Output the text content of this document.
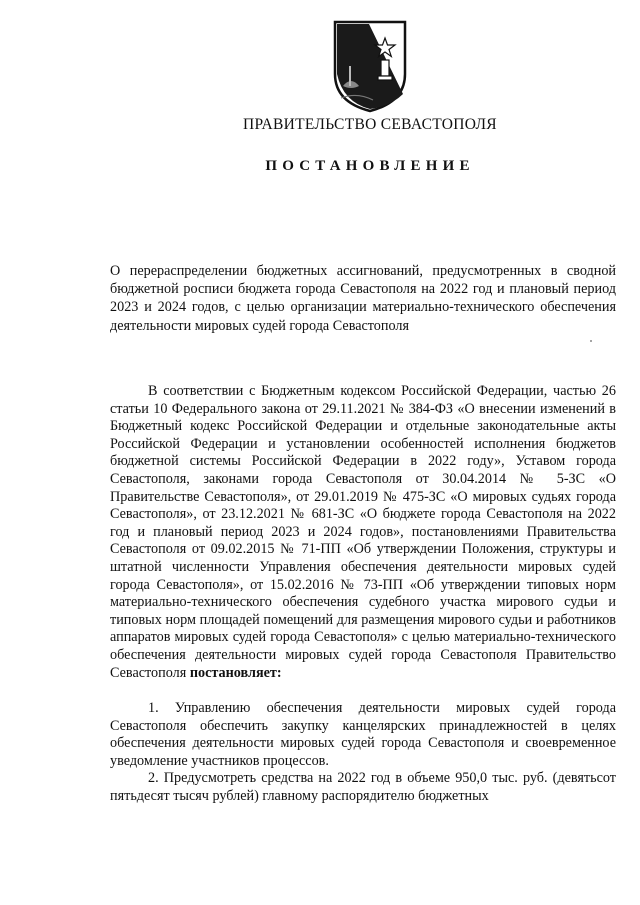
ПРАВИТЕЛЬСТВО СЕВАСТОПОЛЯ
ПОСТАНОВЛЕНИЕ
О перераспределении бюджетных ассигнований, предусмотренных в сводной бюджетной росписи бюджета города Севастополя на 2022 год и плановый период 2023 и 2024 годов, с целью организации материально-технического обеспечения деятельности мировых судей города Севастополя

В соответствии с Бюджетным кодексом Российской Федерации, частью 26 статьи 10 Федерального закона от 29.11.2021 № 384-ФЗ «О внесении изменений в Бюджетный кодекс Российской Федерации и отдельные законодательные акты Российской Федерации и установлении особенностей исполнения бюджетов бюджетной системы Российской Федерации в 2022 году», Уставом города Севастополя, законами города Севастополя от 30.04.2014 № 5-ЗС «О Правительстве Севастополя», от 29.01.2019 № 475-ЗС «О мировых судьях города Севастополя», от 23.12.2021 № 681-ЗС «О бюджете города Севастополя на 2022 год и плановый период 2023 и 2024 годов», постановлениями Правительства Севастополя от 09.02.2015 № 71-ПП «Об утверждении Положения, структуры и штатной численности Управления обеспечения деятельности мировых судей города Севастополя», от 15.02.2016 № 73-ПП «Об утверждении типовых норм материально-технического обеспечения судебного участка мирового судьи и типовых норм площадей помещений для размещения мирового судьи и работников аппаратов мировых судей города Севастополя» с целью материально-технического обеспечения деятельности мировых судей города Севастополя Правительство Севастополя постановляет:

1. Управлению обеспечения деятельности мировых судей города Севастополя обеспечить закупку канцелярских принадлежностей в целях обеспечения деятельности мировых судей города Севастополя и своевременное уведомление участников процессов.

2. Предусмотреть средства на 2022 год в объеме 950,0 тыс. руб. (девятьсот пятьдесят тысяч рублей) главному распорядителю бюджетных
